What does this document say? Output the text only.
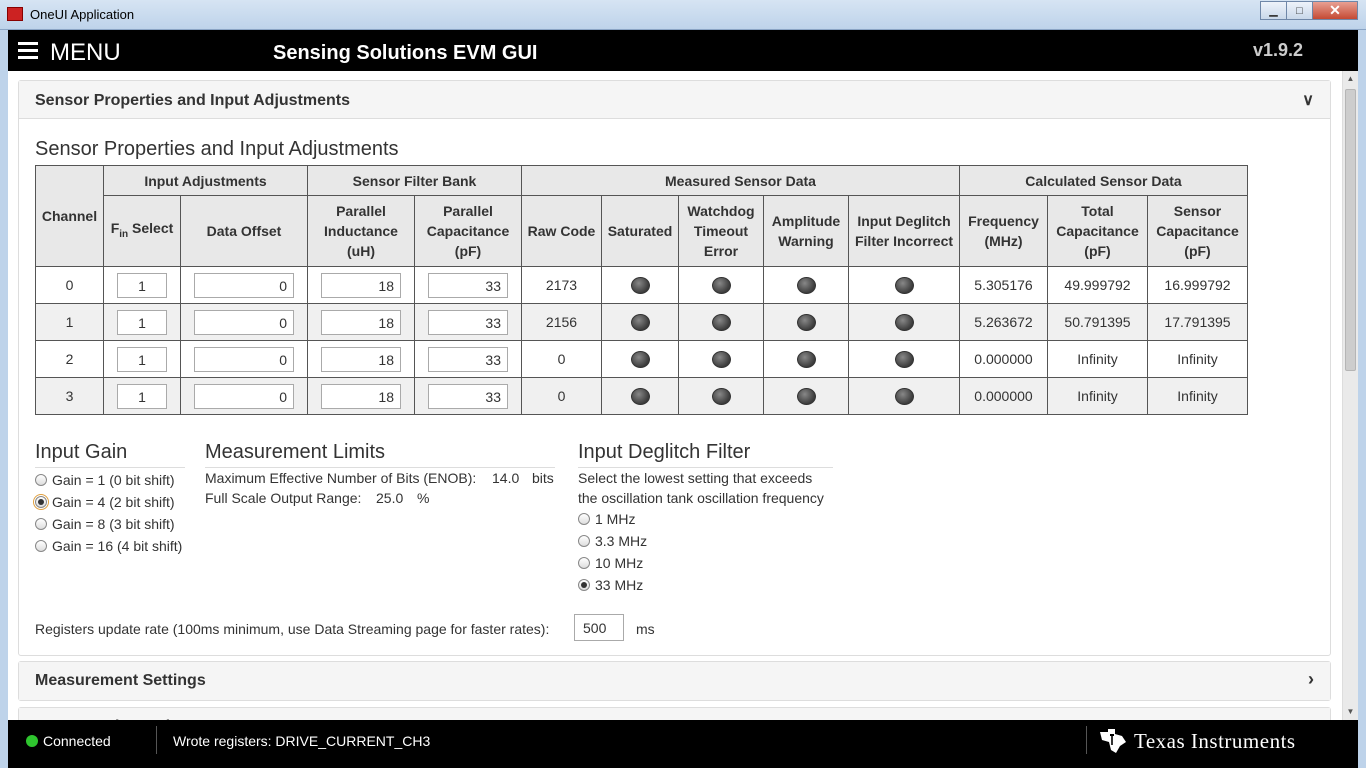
OneUI Application	▁	□	✕
MENU	Sensing Solutions EVM GUI	v1.9.2
Sensor Properties and Input Adjustments	∨
Sensor Properties and Input Adjustments
Channel	Input Adjustments		Sensor Filter Bank		Measured Sensor Data					Calculated Sensor Data		
	$F_{in}$ Select	Data Offset	Parallel Inductance (uH)	Parallel Capacitance (pF)	Raw Code	Saturated	Watchdog Timeout Error	Amplitude Warning	Input Deglitch Filter Incorrect	Frequency (MHz)	Total Capacitance (pF)	Sensor Capacitance (pF)
0	1	0	18	33	2173					5.305176	49.999792	16.999792
1	1	0	18	33	2156					5.263672	50.791395	17.791395
2	1	0	18	33	0					0.000000	Infinity	Infinity
3	1	0	18	33	0					0.000000	Infinity	Infinity
Input Gain
Gain = 1 (0 bit shift)
Gain = 4 (2 bit shift)
Gain = 8 (3 bit shift)
Gain = 16 (4 bit shift)
Measurement Limits
Maximum Effective Number of Bits (ENOB): 14.0 bits
Full Scale Output Range: 25.0 %
Input Deglitch Filter
Select the lowest setting that exceeds
the oscillation tank oscillation frequency
1 MHz
3.3 MHz
10 MHz
33 MHz
Registers update rate (100ms minimum, use Data Streaming page for faster rates):	500	ms
Measurement Settings	›
▲
▼
Connected	Wrote registers: DRIVE_CURRENT_CH3	Texas Instruments
